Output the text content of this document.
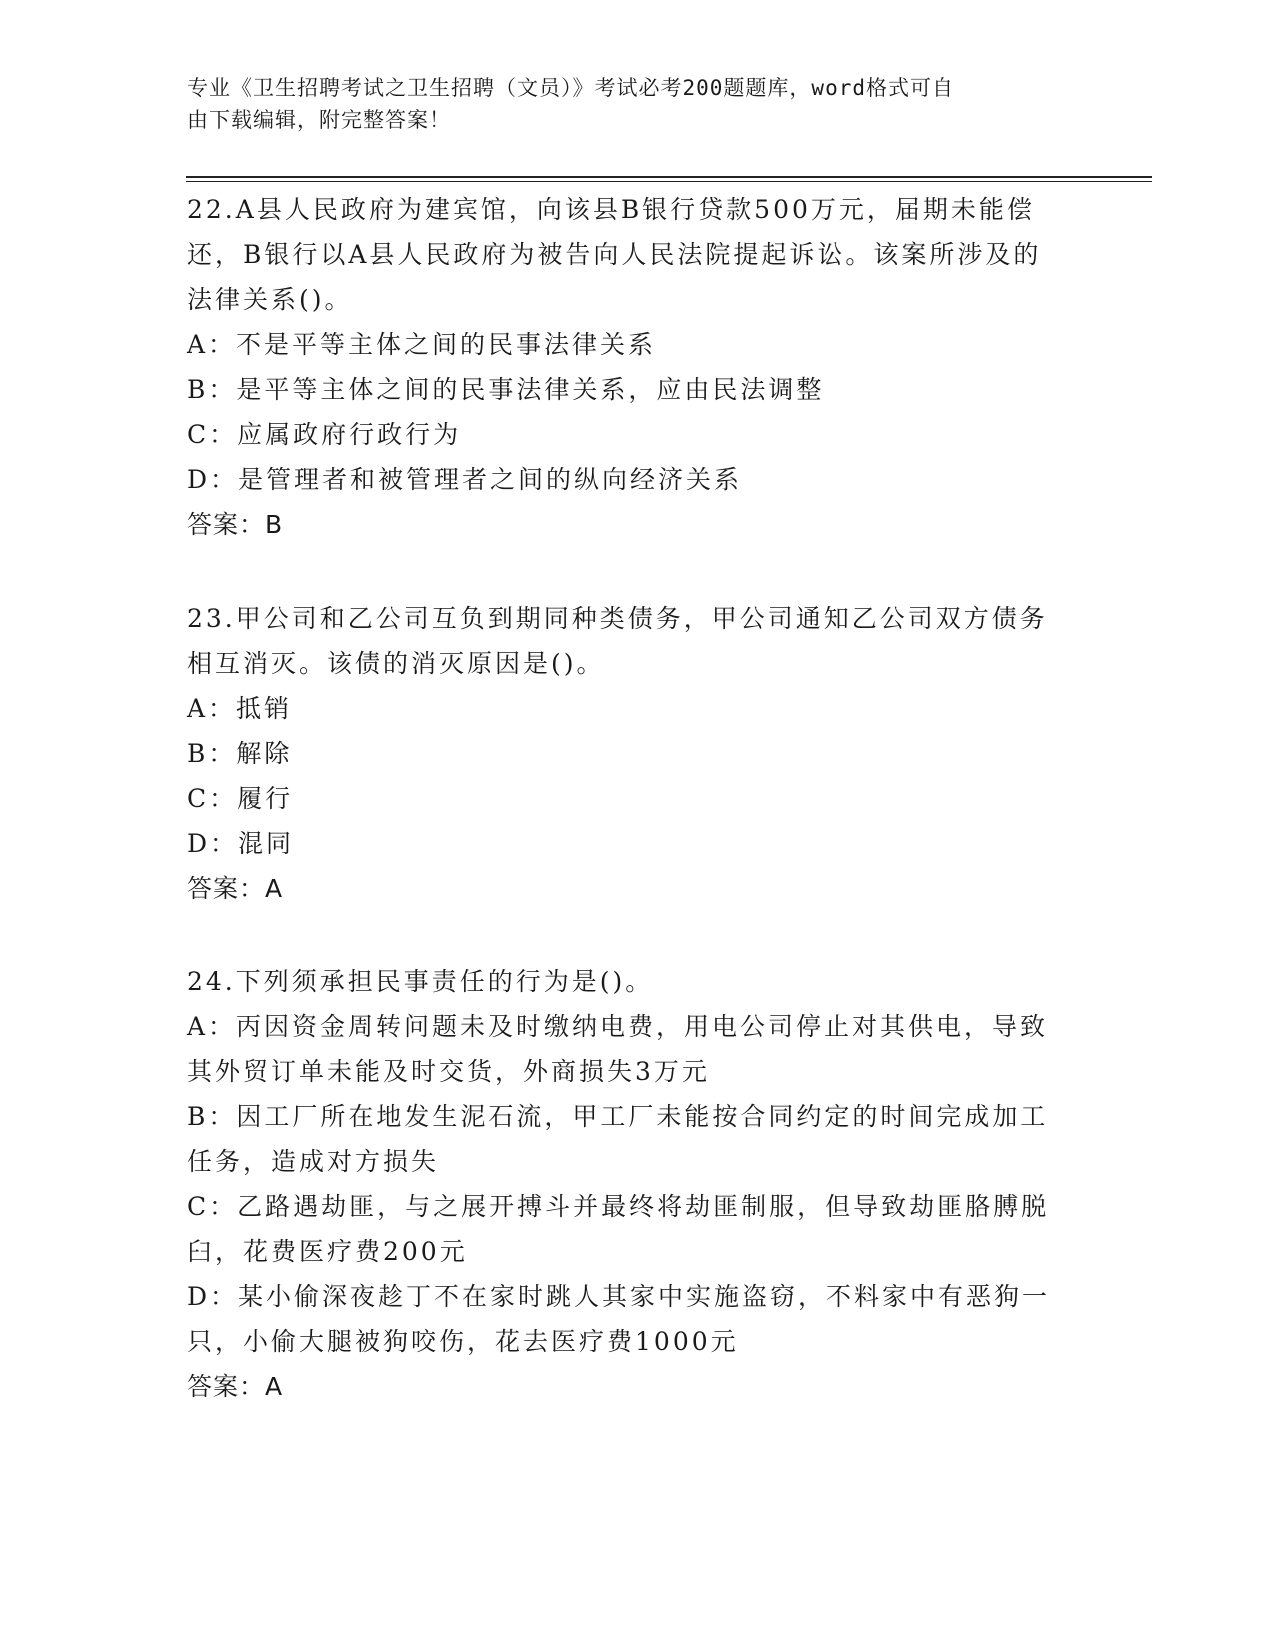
专业《卫生招聘考试之卫生招聘（文员）》考试必考200题题库，word格式可自
由下载编辑，附完整答案！

22.A县人民政府为建宾馆，向该县B银行贷款500万元，届期未能偿

还，B银行以A县人民政府为被告向人民法院提起诉讼。该案所涉及的

法律关系()。

A：不是平等主体之间的民事法律关系

B：是平等主体之间的民事法律关系，应由民法调整

C：应属政府行政行为

D：是管理者和被管理者之间的纵向经济关系

答案：B

23.甲公司和乙公司互负到期同种类债务，甲公司通知乙公司双方债务

相互消灭。该债的消灭原因是()。

A：抵销

B：解除

C：履行

D：混同

答案：A

24.下列须承担民事责任的行为是()。

A：丙因资金周转问题未及时缴纳电费，用电公司停止对其供电，导致

其外贸订单未能及时交货，外商损失3万元

B：因工厂所在地发生泥石流，甲工厂未能按合同约定的时间完成加工

任务，造成对方损失

C：乙路遇劫匪，与之展开搏斗并最终将劫匪制服，但导致劫匪胳膊脱

臼，花费医疗费200元

D：某小偷深夜趁丁不在家时跳人其家中实施盗窃，不料家中有恶狗一

只，小偷大腿被狗咬伤，花去医疗费1000元

答案：A
